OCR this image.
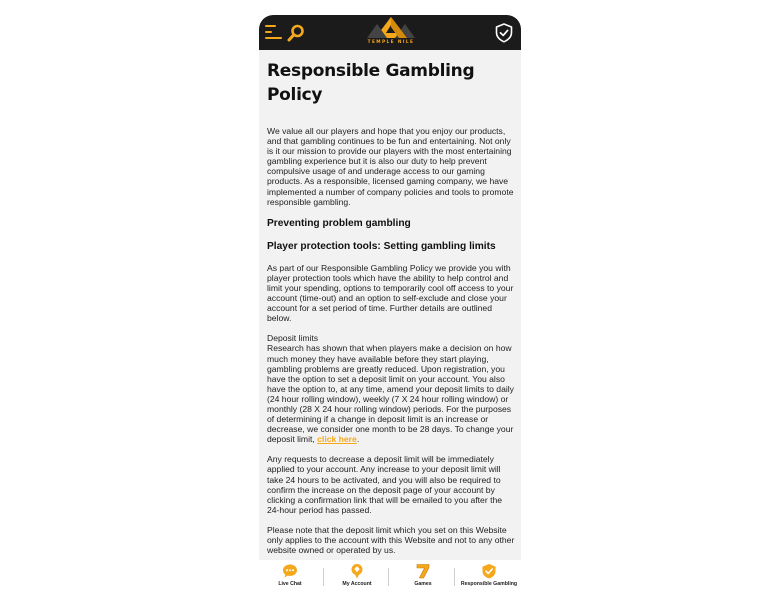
TEMPLE NILE
Responsible Gambling Policy

We value all our players and hope that you enjoy our products, and that gambling continues to be fun and entertaining. Not only is it our mission to provide our players with the most entertaining gambling experience but it is also our duty to help prevent compulsive usage of and underage access to our gaming products. As a responsible, licensed gaming company, we have implemented a number of company policies and tools to promote responsible gambling.

Preventing problem gambling
Player protection tools: Setting gambling limits

As part of our Responsible Gambling Policy we provide you with player protection tools which have the ability to help control and limit your spending, options to temporarily cool off access to your account (time-out) and an option to self-exclude and close your account for a set period of time. Further details are outlined below.

Deposit limits
Research has shown that when players make a decision on how much money they have available before they start playing, gambling problems are greatly reduced. Upon registration, you have the option to set a deposit limit on your account. You also have the option to, at any time, amend your deposit limits to daily (24 hour rolling window), weekly (7 X 24 hour rolling window) or monthly (28 X 24 hour rolling window) periods. For the purposes of determining if a change in deposit limit is an increase or decrease, we consider one month to be 28 days. To change your deposit limit, click here.

Any requests to decrease a deposit limit will be immediately applied to your account. Any increase to your deposit limit will take 24 hours to be activated, and you will also be required to confirm the increase on the deposit page of your account by clicking a confirmation link that will be emailed to you after the 24-hour period has passed.

Please note that the deposit limit which you set on this Website only applies to the account with this Website and not to any other website owned or operated by us.

Live Chat	My Account	Games	Responsible Gambling
